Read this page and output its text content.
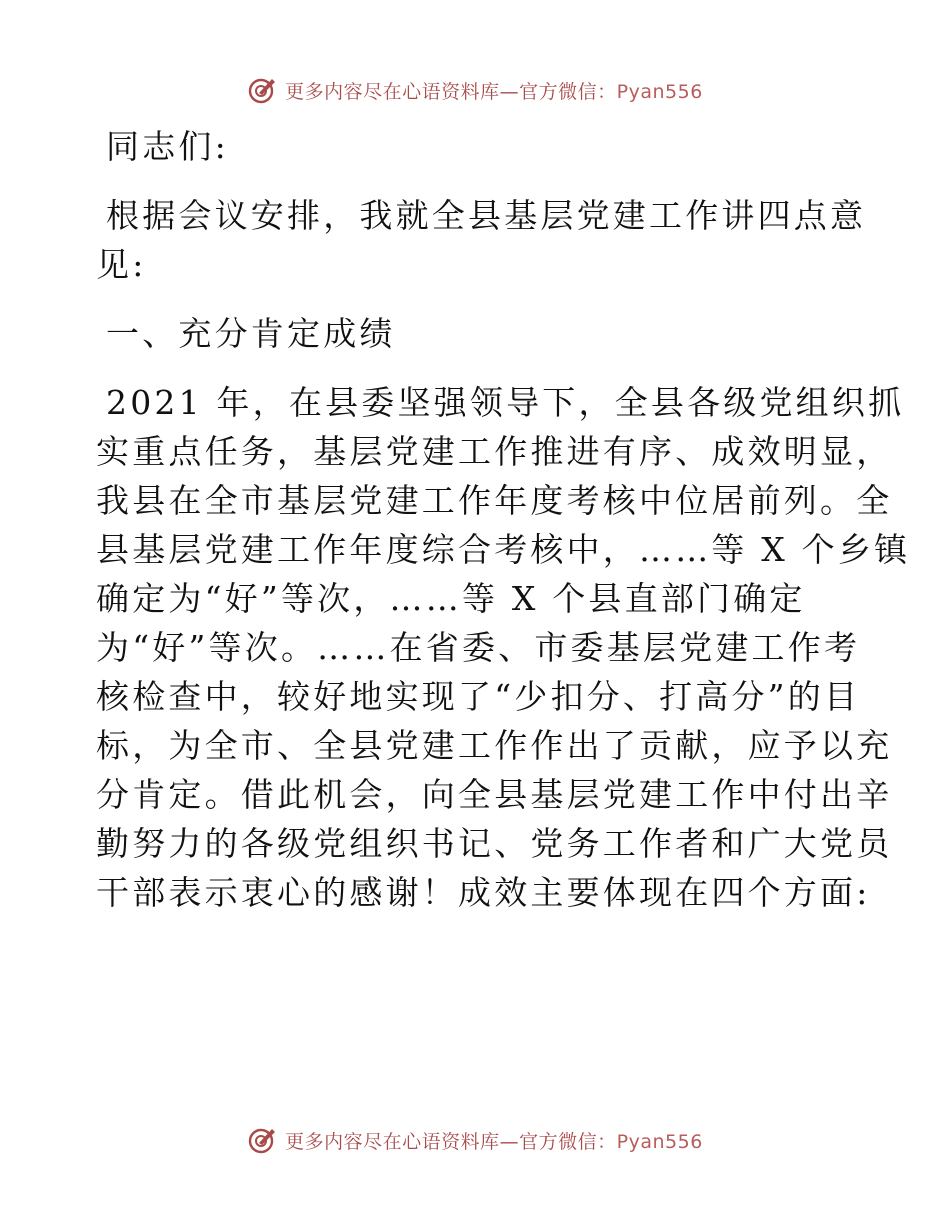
更多内容尽在心语资料库—官方微信：Pyan556
同志们:
根据会议安排，我就全县基层党建工作讲四点意
见:
一、充分肯定成绩
2021 年，在县委坚强领导下，全县各级党组织抓
实重点任务，基层党建工作推进有序、成效明显，
我县在全市基层党建工作年度考核中位居前列。全
县基层党建工作年度综合考核中，……等 X 个乡镇
确定为“好”等次，……等 X 个县直部门确定
为“好”等次。……在省委、市委基层党建工作考
核检查中，较好地实现了“少扣分、打高分”的目
标，为全市、全县党建工作作出了贡献，应予以充
分肯定。借此机会，向全县基层党建工作中付出辛
勤努力的各级党组织书记、党务工作者和广大党员
干部表示衷心的感谢！成效主要体现在四个方面:
更多内容尽在心语资料库—官方微信：Pyan556
